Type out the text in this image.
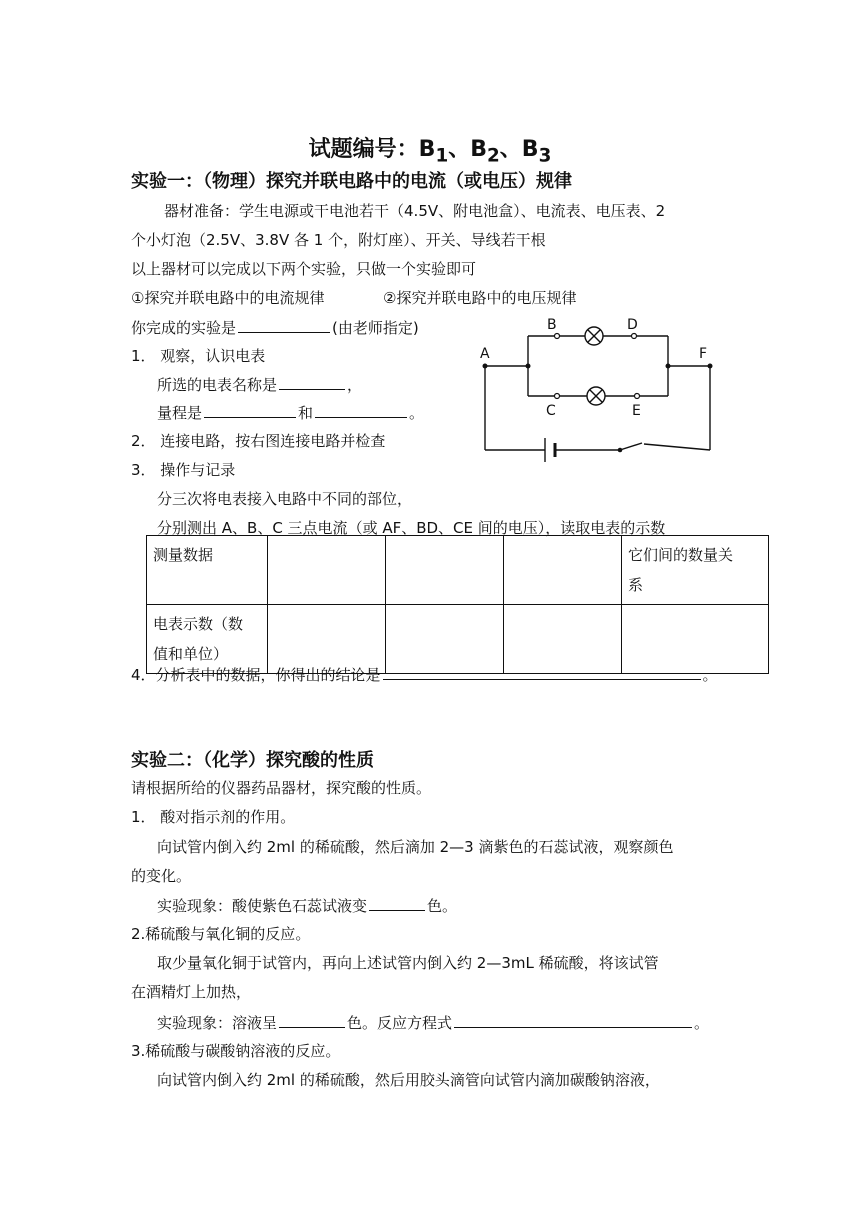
试题编号：$B_1$、$B_2$、$B_3$
实验一：（物理）探究并联电路中的电流（或电压）规律
器材准备：学生电源或干电池若干（4.5V、附电池盒）、电流表、电压表、2
个小灯泡（2.5V、3.8V 各 1 个，附灯座）、开关、导线若干根
以上器材可以完成以下两个实验，只做一个实验即可
①探究并联电路中的电流规律	②探究并联电路中的电压规律
你完成的实验是	(由老师指定)
1． 观察，认识电表
所选的电表名称是	，
量程是	和	。
2． 连接电路，按右图连接电路并检查
3． 操作与记录
分三次将电表接入电路中不同的部位，
分别测出 A、B、C 三点电流（或 AF、BD、CE 间的电压），读取电表的示数
B	D
A	F
C	E
测量数据				它们间的数量关
系

电表示数（数
值和单位）				

4．分析表中的数据，你得出的结论是	。
实验二：（化学）探究酸的性质
请根据所给的仪器药品器材，探究酸的性质。
1． 酸对指示剂的作用。
向试管内倒入约 2ml 的稀硫酸，然后滴加 2—3 滴紫色的石蕊试液，观察颜色
的变化。
实验现象：酸使紫色石蕊试液变	色。
2.稀硫酸与氧化铜的反应。
取少量氧化铜于试管内，再向上述试管内倒入约 2—3mL 稀硫酸，将该试管
在酒精灯上加热，
实验现象：溶液呈	色。反应方程式	。
3.稀硫酸与碳酸钠溶液的反应。
向试管内倒入约 2ml 的稀硫酸，然后用胶头滴管向试管内滴加碳酸钠溶液，
